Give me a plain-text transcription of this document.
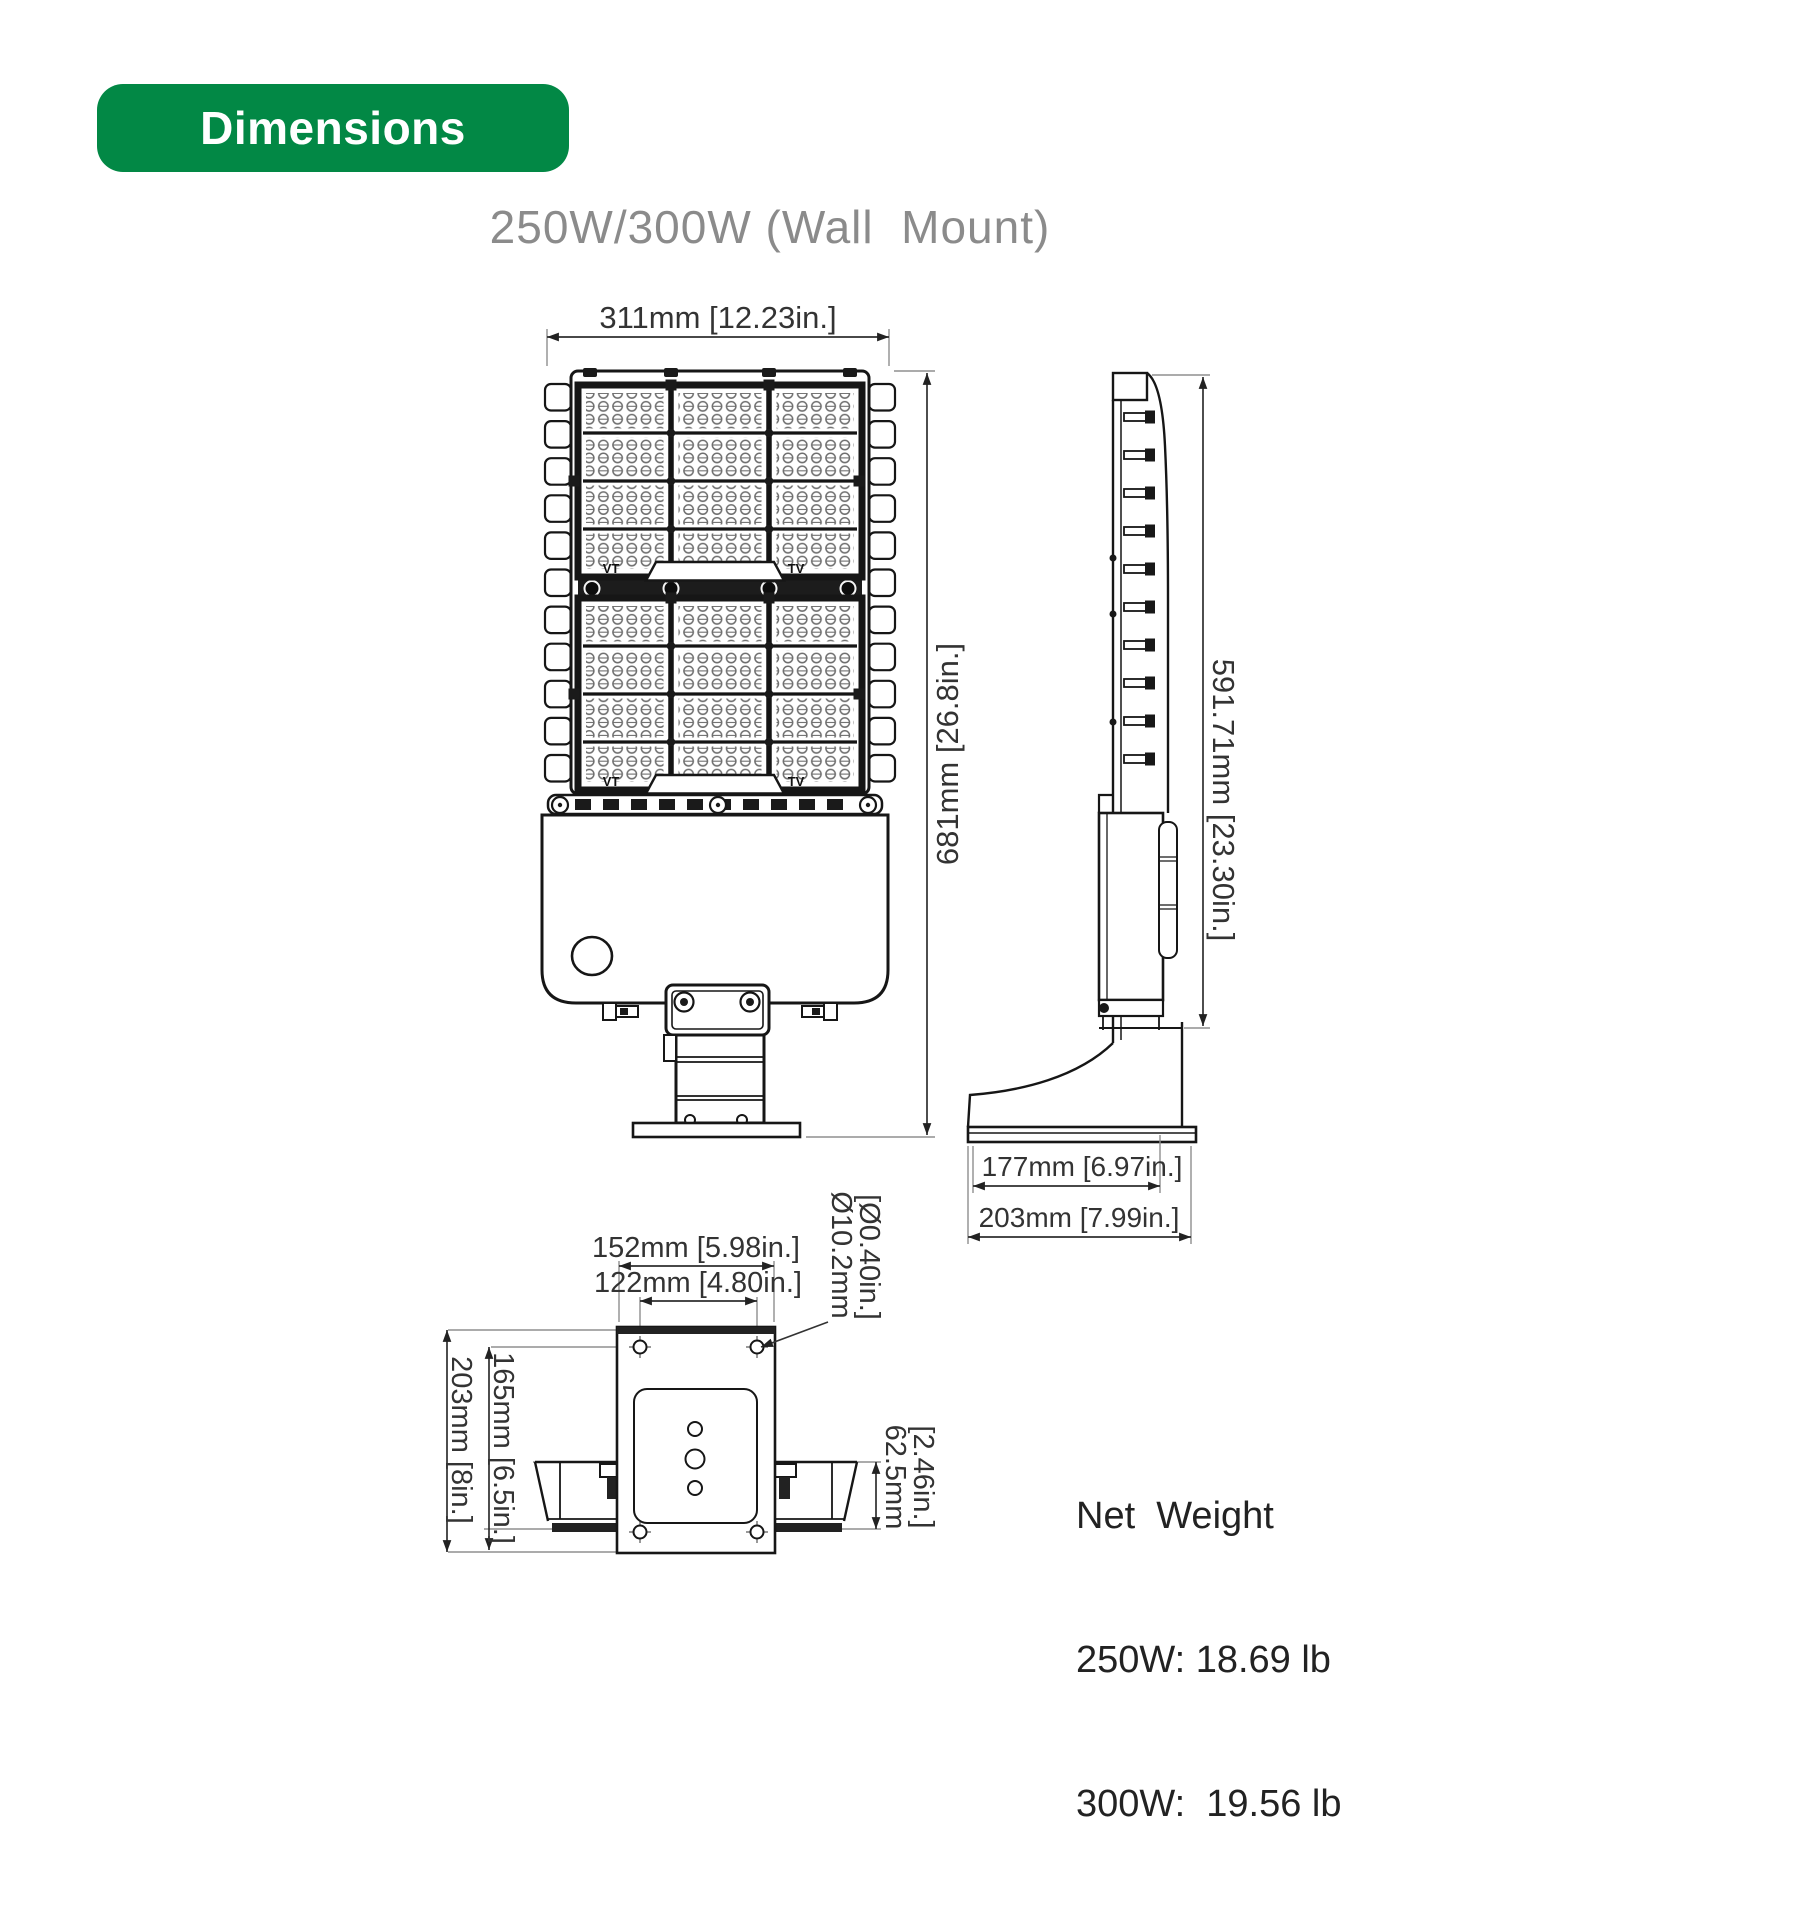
Dimensions
250W/300W (Wall  Mount)
VT	TV
311mm [12.23in.]
681mm [26.8in.]	591.71mm [23.30in.]
177mm [6.97in.]
203mm [7.99in.]
152mm [5.98in.]
122mm [4.80in.] Ø10.2mm
[Ø0.40in.]
203mm [8in.] 165mm [6.5in.]	62.5mm
[2.46in.]

	Net  Weight

250W: 18.69 lb

300W:  19.56 lb
